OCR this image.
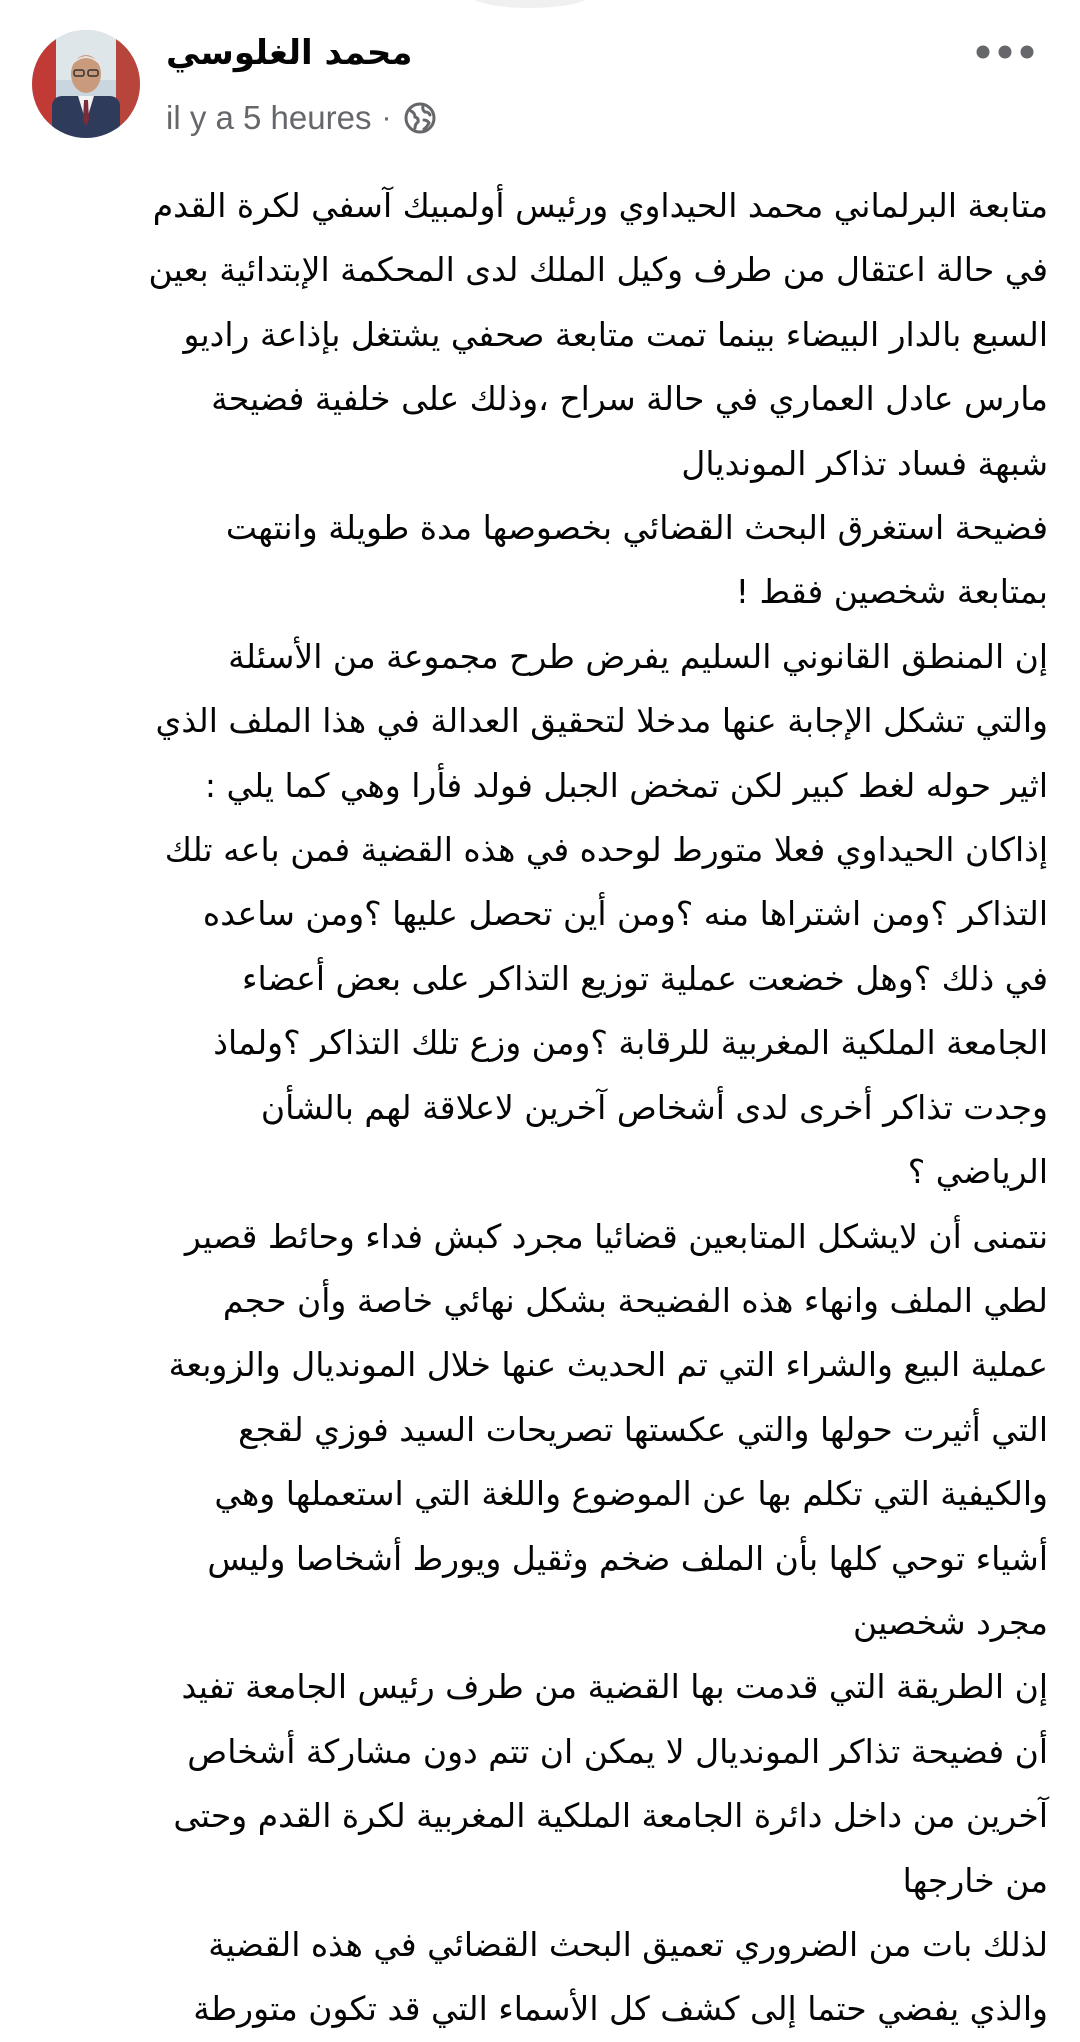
محمد الغلوسي
il y a 5 heures ·

متابعة البرلماني محمد الحيداوي ورئيس أولمبيك آسفي لكرة القدم
في حالة اعتقال من طرف وكيل الملك لدى المحكمة الإبتدائية بعين
السبع بالدار البيضاء بينما تمت متابعة صحفي يشتغل بإذاعة راديو
مارس عادل العماري في حالة سراح ،وذلك على خلفية فضيحة
شبهة فساد تذاكر المونديال

فضيحة استغرق البحث القضائي بخصوصها مدة طويلة وانتهت
بمتابعة شخصين فقط !

إن المنطق القانوني السليم يفرض طرح مجموعة من الأسئلة
والتي تشكل الإجابة عنها مدخلا لتحقيق العدالة في هذا الملف الذي
اثير حوله لغط كبير لكن تمخض الجبل فولد فأرا وهي كما يلي :
إذاكان الحيداوي فعلا متورط لوحده في هذه القضية فمن باعه تلك
التذاكر ؟ومن اشتراها منه ؟ومن أين تحصل عليها ؟ومن ساعده
في ذلك ؟وهل خضعت عملية توزيع التذاكر على بعض أعضاء
الجامعة الملكية المغربية للرقابة ؟ومن وزع تلك التذاكر ؟ولماذ
وجدت تذاكر أخرى لدى أشخاص آخرين لاعلاقة لهم بالشأن
الرياضي ؟

نتمنى أن لايشكل المتابعين قضائيا مجرد كبش فداء وحائط قصير
لطي الملف وانهاء هذه الفضيحة بشكل نهائي خاصة وأن حجم
عملية البيع والشراء التي تم الحديث عنها خلال المونديال والزوبعة
التي أثيرت حولها والتي عكستها تصريحات السيد فوزي لقجع
والكيفية التي تكلم بها عن الموضوع واللغة التي استعملها وهي
أشياء توحي كلها بأن الملف ضخم وثقيل ويورط أشخاصا وليس
مجرد شخصين

إن الطريقة التي قدمت بها القضية من طرف رئيس الجامعة تفيد
أن فضيحة تذاكر المونديال لا يمكن ان تتم دون مشاركة أشخاص
آخرين من داخل دائرة الجامعة الملكية المغربية لكرة القدم وحتى
من خارجها

لذلك بات من الضروري تعميق البحث القضائي في هذه القضية
والذي يفضي حتما إلى كشف كل الأسماء التي قد تكون متورطة
